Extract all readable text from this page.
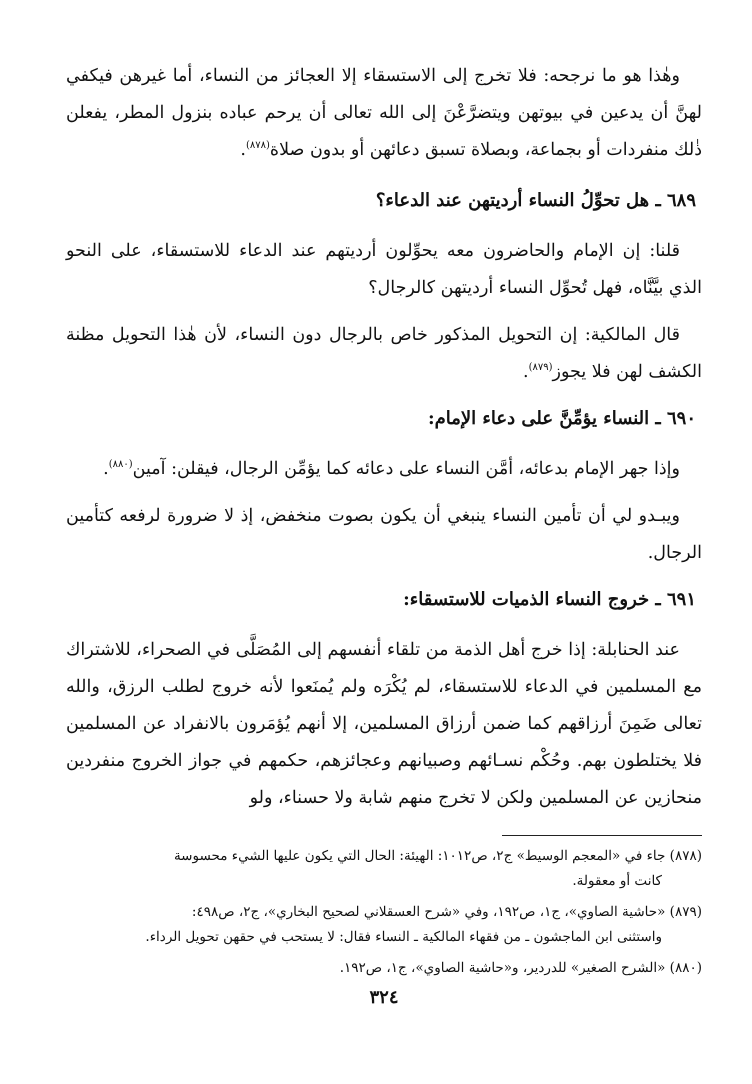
وهٰذا هو ما نرجحه: فلا تخرج إلى الاستسقاء إلا العجائز من النساء، أما غيرهن فيكفي لهنَّ أن يدعين في بيوتهن ويتضرَّعْنَ إلى الله تعالى أن يرحم عباده بنزول المطر، يفعلن ذٰلك منفردات أو بجماعة، وبصلاة تسبق دعائهن أو بدون صلاة$^{(٨٧٨)}$.

٦٨٩ ـ هل تحوِّلُ النساء أرديتهن عند الدعاء؟

قلنا: إن الإمام والحاضرون معه يحوِّلون أرديتهم عند الدعاء للاستسقاء، على النحو الذي بيَّنَّاه، فهل تُحوِّل النساء أرديتهن كالرجال؟

قال المالكية: إن التحويل المذكور خاص بالرجال دون النساء، لأن هٰذا التحويل مظنة الكشف لهن فلا يجوز$^{(٨٧٩)}$.

٦٩٠ ـ النساء يؤمِّنَّ على دعاء الإمام:

وإذا جهر الإمام بدعائه، أمَّن النساء على دعائه كما يؤمِّن الرجال، فيقلن: آمين$^{(٨٨٠)}$.

ويبـدو لي أن تأمين النساء ينبغي أن يكون بصوت منخفض، إذ لا ضرورة لرفعه كتأمين الرجال.

٦٩١ ـ خروج النساء الذميات للاستسقاء:

عند الحنابلة: إذا خرج أهل الذمة من تلقاء أنفسهم إلى المُصَلَّى في الصحراء، للاشتراك مع المسلمين في الدعاء للاستسقاء، لم يُكْرَه ولم يُمنَعوا لأنه خروج لطلب الرزق، والله تعالى ضَمِنَ أرزاقهم كما ضمن أرزاق المسلمين، إلا أنهم يُؤمَرون بالانفراد عن المسلمين فلا يختلطون بهم. وحُكْم نسـائهم وصبيانهم وعجائزهم، حكمهم في جواز الخروج منفردين منحازين عن المسلمين ولكن لا تخرج منهم شابة ولا حسناء، ولو

(٨٧٨) جاء في «المعجم الوسيط» ج٢، ص١٠١٢: الهيئة: الحال التي يكون عليها الشيء محسوسة
كانت أو معقولة.

(٨٧٩) «حاشية الصاوي»، ج١، ص١٩٢، وفي «شرح العسقلاني لصحيح البخاري»، ج٢، ص٤٩٨:
واستثنى ابن الماجشون ـ من فقهاء المالكية ـ النساء فقال: لا يستحب في حقهن تحويل الرداء.

(٨٨٠) «الشرح الصغير» للدردير، و«حاشية الصاوي»، ج١، ص١٩٢.

٣٢٤
